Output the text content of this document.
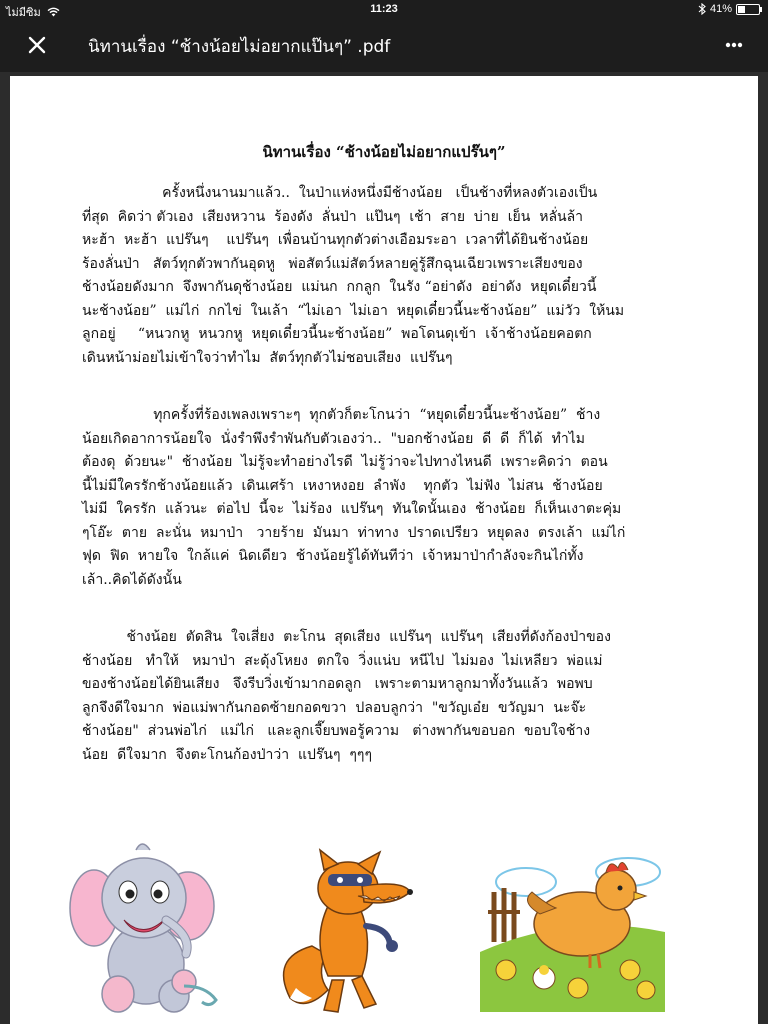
ไม่มีซิม	11:23	41%
นิทานเรื่อง “ช้างน้อยไม่อยากแป๊นๆ” .pdf
นิทานเรื่อง “ช้างน้อยไม่อยากแปร๊นๆ”
ครั้งหนึ่งนานมาแล้ว..  ในป่าแห่งหนึ่งมีช้างน้อย   เป็นช้างที่หลงตัวเองเป็น
ที่สุด  คิดว่า ตัวเอง  เสียงหวาน  ร้องดัง  ลั่นป่า  แป๊นๆ  เช้า  สาย  บ่าย  เย็น  หลั่นล้า
หะฮ้า  หะฮ้า  แปร๊นๆ    แปร๊นๆ  เพื่อนบ้านทุกตัวต่างเอือมระอา  เวลาที่ได้ยินช้างน้อย
ร้องลั่นป่า   สัตว์ทุกตัวพากันอุดหู   พ่อสัตว์แม่สัตว์หลายคู่รู้สึกฉุนเฉียวเพราะเสียงของ
ช้างน้อยดังมาก  จึงพากันดุช้างน้อย  แม่นก  กกลูก  ในรัง “อย่าดัง  อย่าดัง  หยุดเดี๋ยวนี้
นะช้างน้อย”  แม่ไก่  กกไข่  ในเล้า  “ไม่เอา  ไม่เอา  หยุดเดี๋ยวนี้นะช้างน้อย”  แม่วัว  ให้นม
ลูกอยู่     “หนวกหู  หนวกหู  หยุดเดี๋ยวนี้นะช้างน้อย”  พอโดนดุเข้า  เจ้าช้างน้อยคอตก
เดินหน้าม่อยไม่เข้าใจว่าทำไม  สัตว์ทุกตัวไม่ชอบเสียง  แปร๊นๆ
ทุกครั้งที่ร้องเพลงเพราะๆ  ทุกตัวก็ตะโกนว่า  “หยุดเดี๋ยวนี้นะช้างน้อย”  ช้าง
น้อยเกิดอาการน้อยใจ  นั่งรำพึงรำพันกับตัวเองว่า..  "บอกช้างน้อย  ดี  ดี  ก็ได้  ทำไม
ต้องดุ  ด้วยนะ"  ช้างน้อย  ไม่รู้จะทำอย่างไรดี  ไม่รู้ว่าจะไปทางไหนดี  เพราะคิดว่า  ตอน
นี้ไม่มีใครรักช้างน้อยแล้ว  เดินเศร้า  เหงาหงอย  ลำพัง    ทุกตัว  ไม่ฟัง  ไม่สน  ช้างน้อย
ไม่มี  ใครรัก  แล้วนะ  ต่อไป  นี้จะ  ไม่ร้อง  แปร๊นๆ  ทันใดนั้นเอง  ช้างน้อย  ก็เห็นเงาตะคุ่ม
ๆโอ๊ะ  ตาย  ละนั่น  หมาป่า   วายร้าย  มันมา  ท่าทาง  ปราดเปรียว  หยุดลง  ตรงเล้า  แม่ไก่
ฟุด  ฟิด  หายใจ  ใกล้แค่  นิดเดียว  ช้างน้อยรู้ได้ทันทีว่า  เจ้าหมาป่ากำลังจะกินไก่ทั้ง
เล้า..คิดได้ดังนั้น
ช้างน้อย  ตัดสิน  ใจเสี่ยง  ตะโกน  สุดเสียง  แปร๊นๆ  แปร๊นๆ  เสียงที่ดังก้องป่าของ
ช้างน้อย   ทำให้   หมาป่า  สะดุ้งโหยง  ตกใจ  วิ่งแน่บ  หนีไป  ไม่มอง  ไม่เหลียว  พ่อแม่
ของช้างน้อยได้ยินเสียง   จึงรีบวิ่งเข้ามากอดลูก   เพราะตามหาลูกมาทั้งวันแล้ว  พอพบ
ลูกจึงดีใจมาก  พ่อแม่พากันกอดซ้ายกอดขวา  ปลอบลูกว่า  "ขวัญเอ๋ย  ขวัญมา  นะจ๊ะ
ช้างน้อย"  ส่วนพ่อไก่   แม่ไก่   และลูกเจี๊ยบพอรู้ความ   ต่างพากันขอบอก  ขอบใจช้าง
น้อย  ดีใจมาก  จึงตะโกนก้องป่าว่า  แปร๊นๆ  ๆๆๆ
